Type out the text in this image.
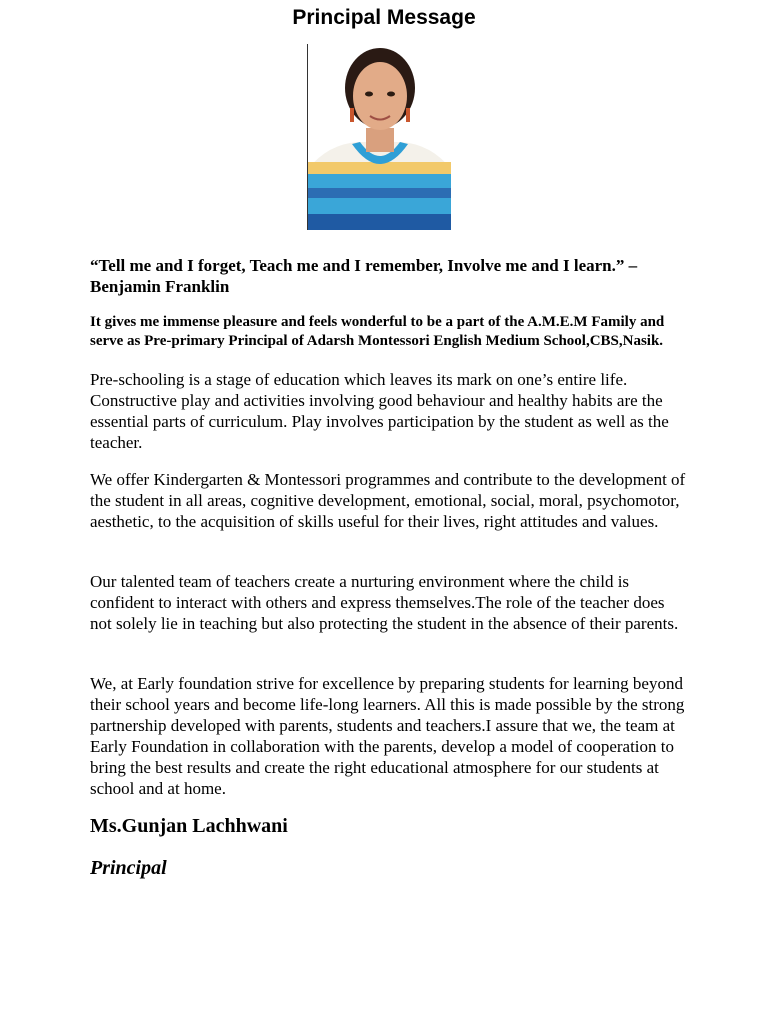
Principal Message

“Tell me and I forget, Teach me and I remember, Involve me and I learn.” – Benjamin Franklin

It gives me immense pleasure and feels wonderful to be a part of the A.M.E.M Family and serve as Pre-primary Principal of Adarsh Montessori English Medium School,CBS,Nasik.

Pre-schooling is a stage of education which leaves its mark on one’s entire life. Constructive play and activities involving good behaviour and healthy habits are the essential parts of curriculum. Play involves participation by the student as well as the teacher.

We offer Kindergarten & Montessori programmes and contribute to the development of the student in all areas, cognitive development, emotional, social, moral, psychomotor, aesthetic, to the acquisition of skills useful for their lives, right attitudes and values.

Our talented team of teachers create a nurturing environment where the child is confident to interact with others and express themselves.The role of the teacher does not solely lie in teaching but also protecting the student in the absence of their parents.

We, at Early foundation strive for excellence by preparing students for learning beyond their school years and become life-long learners. All this is made possible by the strong partnership developed with parents, students and teachers.I assure that we, the team at Early Foundation in collaboration with the parents, develop a model of cooperation to bring the best results and create the right educational atmosphere for our students at school and at home.

Ms.Gunjan Lachhwani

Principal
